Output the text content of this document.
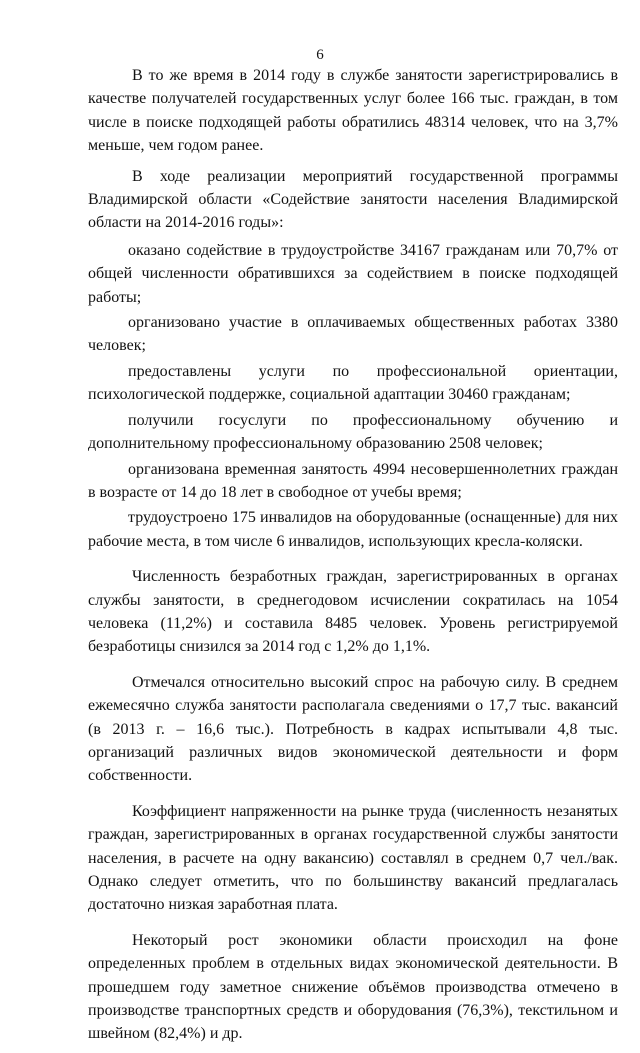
6

В то же время в 2014 году в службе занятости зарегистрировались в качестве получателей государственных услуг более 166 тыс. граждан, в том числе в поиске подходящей работы обратились 48314 человек, что на 3,7% меньше, чем годом ранее.

В ходе реализации мероприятий государственной программы Владимирской области «Содействие занятости населения Владимирской области на 2014-2016 годы»:

оказано содействие в трудоустройстве 34167 гражданам или 70,7% от общей численности обратившихся за содействием в поиске подходящей работы;

организовано участие в оплачиваемых общественных работах 3380 человек;

предоставлены услуги по профессиональной ориентации, психологической поддержке, социальной адаптации 30460 гражданам;

получили госуслуги по профессиональному обучению и дополнительному профессиональному образованию 2508 человек;

организована временная занятость 4994 несовершеннолетних граждан в возрасте от 14 до 18 лет в свободное от учебы время;

трудоустроено 175 инвалидов на оборудованные (оснащенные) для них рабочие места, в том числе 6 инвалидов, использующих кресла-коляски.

Численность безработных граждан, зарегистрированных в органах службы занятости, в среднегодовом исчислении сократилась на 1054 человека (11,2%) и составила 8485 человек. Уровень регистрируемой безработицы снизился за 2014 год с 1,2% до 1,1%.

Отмечался относительно высокий спрос на рабочую силу. В среднем ежемесячно служба занятости располагала сведениями о 17,7 тыс. вакансий (в 2013 г. – 16,6 тыс.). Потребность в кадрах испытывали 4,8 тыс. организаций различных видов экономической деятельности и форм собственности.

Коэффициент напряженности на рынке труда (численность незанятых граждан, зарегистрированных в органах государственной службы занятости населения, в расчете на одну вакансию) составлял в среднем 0,7 чел./вак. Однако следует отметить, что по большинству вакансий предлагалась достаточно низкая заработная плата.

Некоторый рост экономики области происходил на фоне определенных проблем в отдельных видах экономической деятельности. В прошедшем году заметное снижение объёмов производства отмечено в производстве транспортных средств и оборудования (76,3%), текстильном и швейном (82,4%) и др.
